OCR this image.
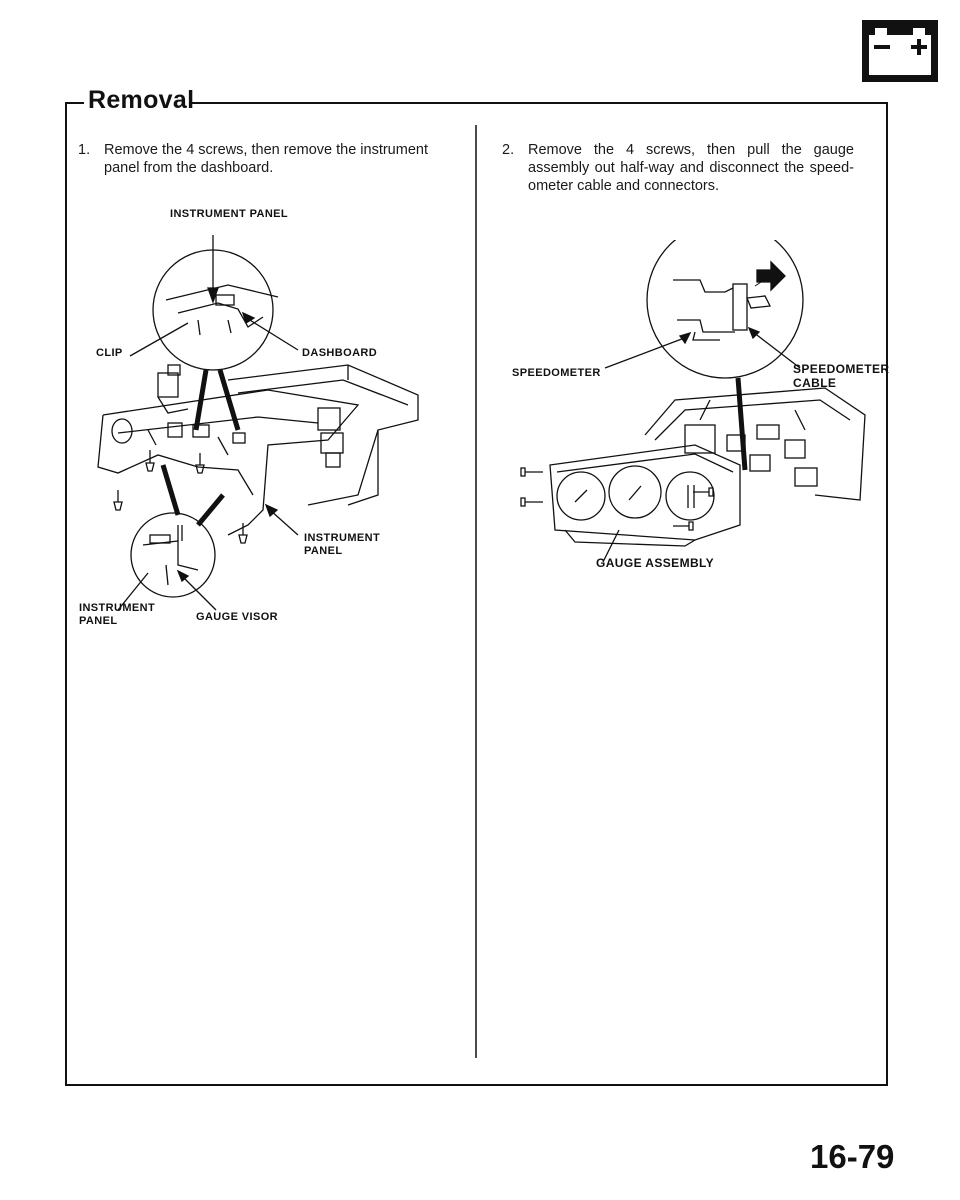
Removal

1. Remove the 4 screws, then remove the instrument panel from the dashboard.

2. Remove the 4 screws, then pull the gauge assembly out half-way and disconnect the speed-ometer cable and connectors.

INSTRUMENT PANEL
CLIP	DASHBOARD
INSTRUMENT
PANEL
INSTRUMENT
PANEL	GAUGE VISOR
SPEEDOMETER	SPEEDOMETER
CABLE
GAUGE ASSEMBLY

16-79
